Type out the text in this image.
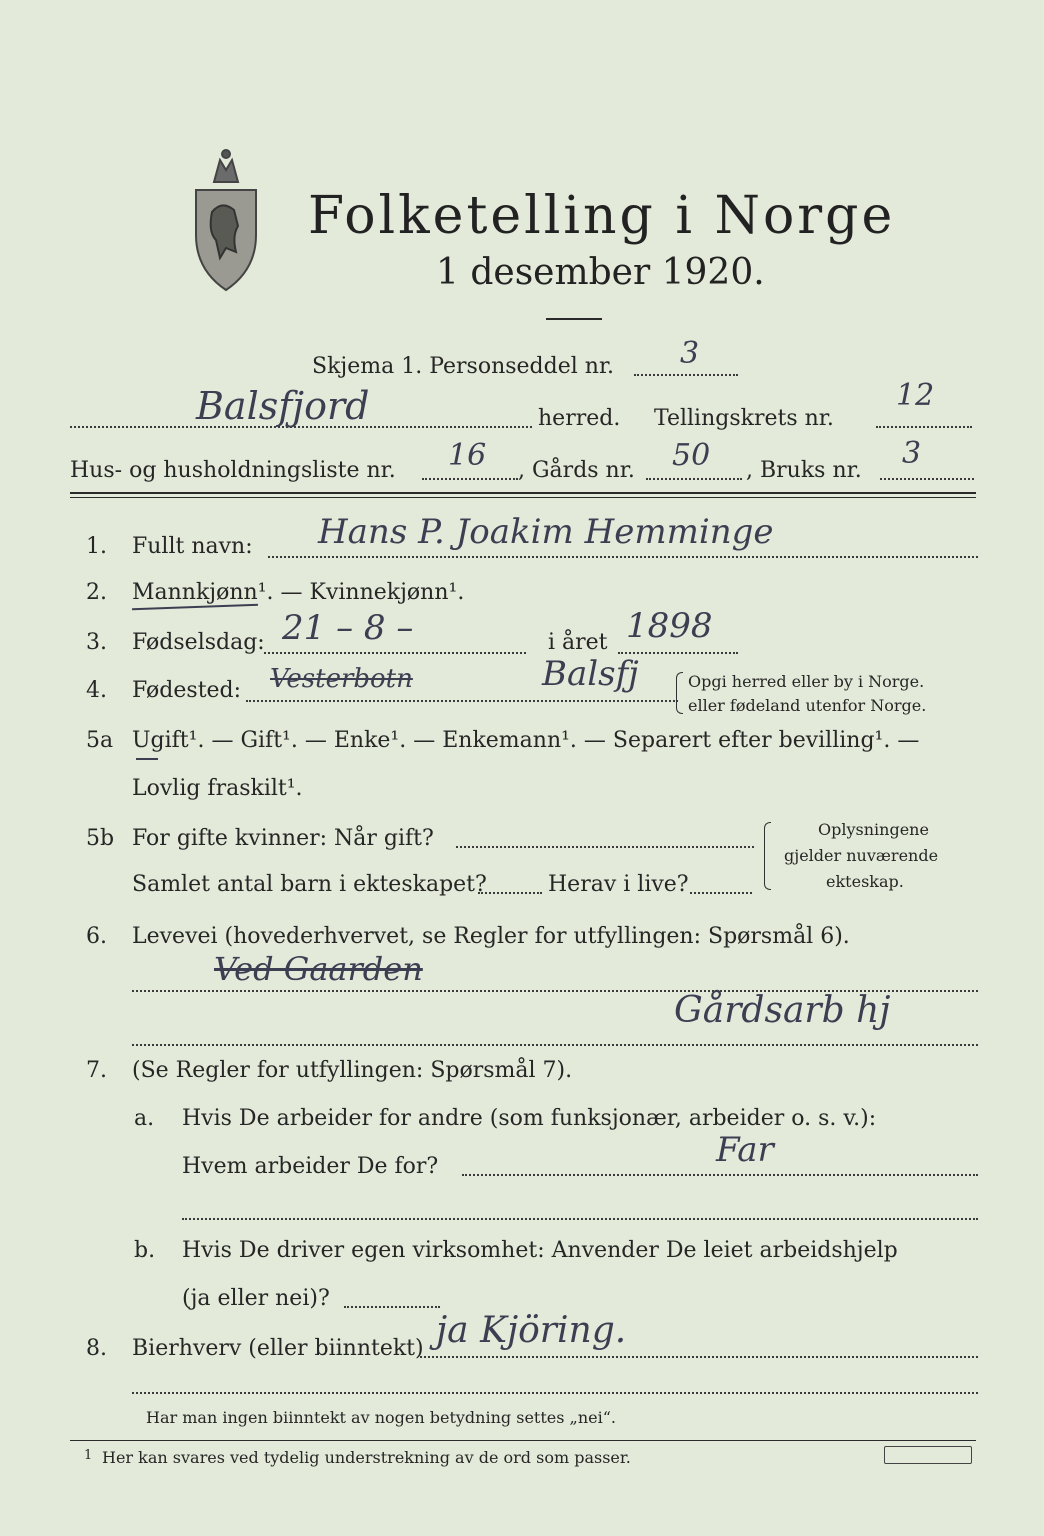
Folketelling i Norge
1 desember 1920.
Skjema 1. Personseddel nr. 3
Balsfjord	herred. Tellingskrets nr.
12
Hus- og husholdningsliste nr. 16 , Gårds nr. 50 , Bruks nr. 3
1. Fullt navn: Hans P. Joakim Hemminge
2. Mannkjønn¹. — Kvinnekjønn¹.
3. Fødselsdag: 21 – 8 –	i året 1898
4. Fødested: Vesterbotn	Balsfj	Opgi herred eller by i Norge.
eller fødeland utenfor Norge.
5a Ugift¹. — Gift¹. — Enke¹. — Enkemann¹. — Separert efter bevilling¹. —
Lovlig fraskilt¹.
5b For gifte kvinner: Når gift?
Samlet antal barn i ekteskapet?	Herav i live?
Oplysningene
gjelder nuværende
ekteskap.
6. Levevei (hovederhvervet, se Regler for utfyllingen: Spørsmål 6).
Ved Gaarden
Gårdsarb hj
7. (Se Regler for utfyllingen: Spørsmål 7).
a. Hvis De arbeider for andre (som funksjonær, arbeider o. s. v.):
Hvem arbeider De for?	Far
b. Hvis De driver egen virksomhet: Anvender De leiet arbeidshjelp
(ja eller nei)?
8. Bierhverv (eller biinntekt) ja Kjöring.
Har man ingen biinntekt av nogen betydning settes „nei“.
1 Her kan svares ved tydelig understrekning av de ord som passer.
